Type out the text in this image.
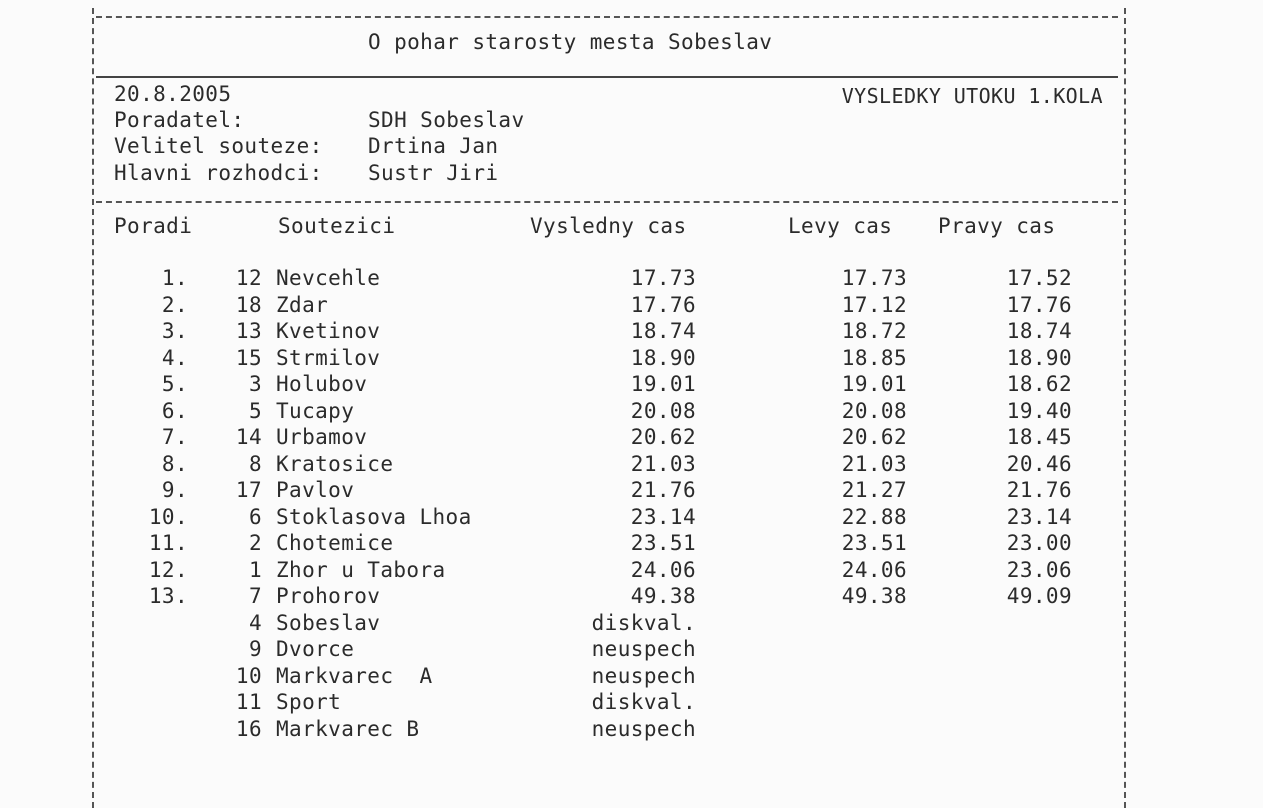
O pohar starosty mesta Sobeslav
20.8.2005	VYSLEDKY UTOKU 1.KOLA
Poradatel:	SDH Sobeslav
Velitel souteze: Drtina Jan
Hlavni rozhodci: Sustr Jiri
Poradi	Soutezici	Vysledny cas	Levy cas Pravy cas
1. 12 Nevcehle	17.73	17.73	17.52
2. 18 Zdar	17.76	17.12	17.76
3. 13 Kvetinov	18.74	18.72	18.74
4. 15 Strmilov	18.90	18.85	18.90
5.	3 Holubov	19.01	19.01	18.62
6.	5 Tucapy	20.08	20.08	19.40
7. 14 Urbamov	20.62	20.62	18.45
8.	8 Kratosice	21.03	21.03	20.46
9. 17 Pavlov	21.76	21.27	21.76
10.	6 Stoklasova Lhoa	23.14	22.88	23.14
11.	2 Chotemice	23.51	23.51	23.00
12.	1 Zhor u Tabora	24.06	24.06	23.06
13.	7 Prohorov	49.38	49.38	49.09
4 Sobeslav	diskval.
9 Dvorce	neuspech
10 Markvarec  A	neuspech
11 Sport	diskval.
16 Markvarec B	neuspech
